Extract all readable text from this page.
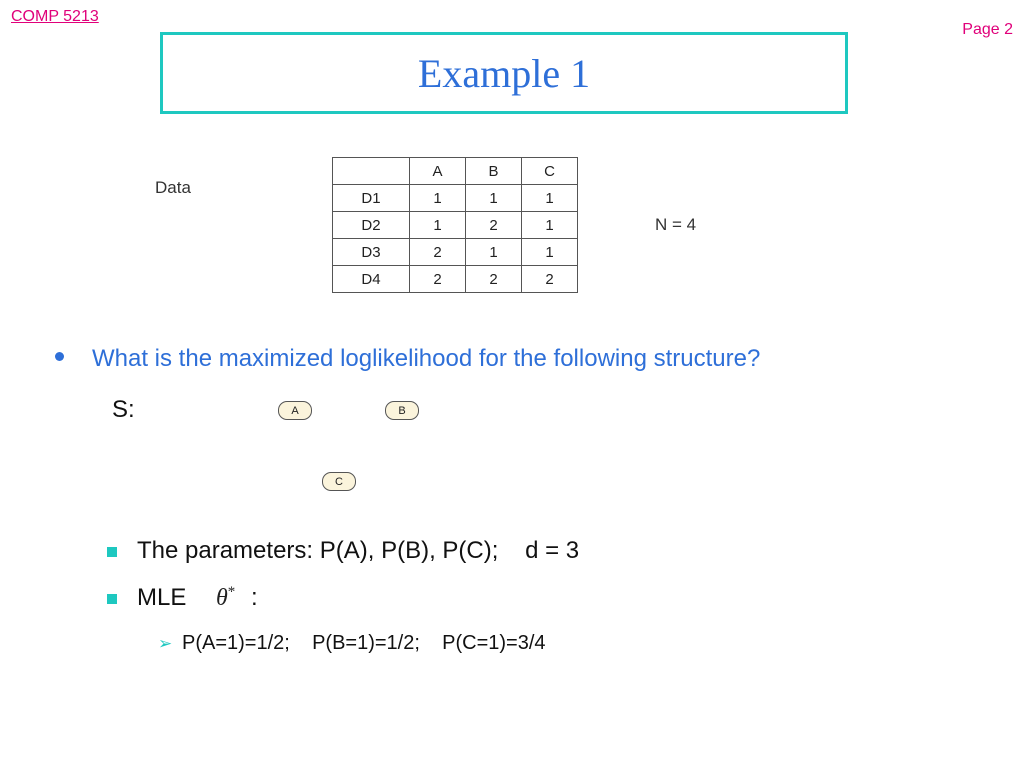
COMP 5213
Page 2
Example 1
Data
	A	B	C
D1	1	1	1
D2	1	2	1
D3	2	1	1
D4	2	2	2
N = 4
What is the maximized loglikelihood for the following structure?
S:	A	B
C
The parameters: P(A), P(B), P(C);    d = 3
MLE θ* :
➢ P(A=1)=1/2;    P(B=1)=1/2;    P(C=1)=3/4
